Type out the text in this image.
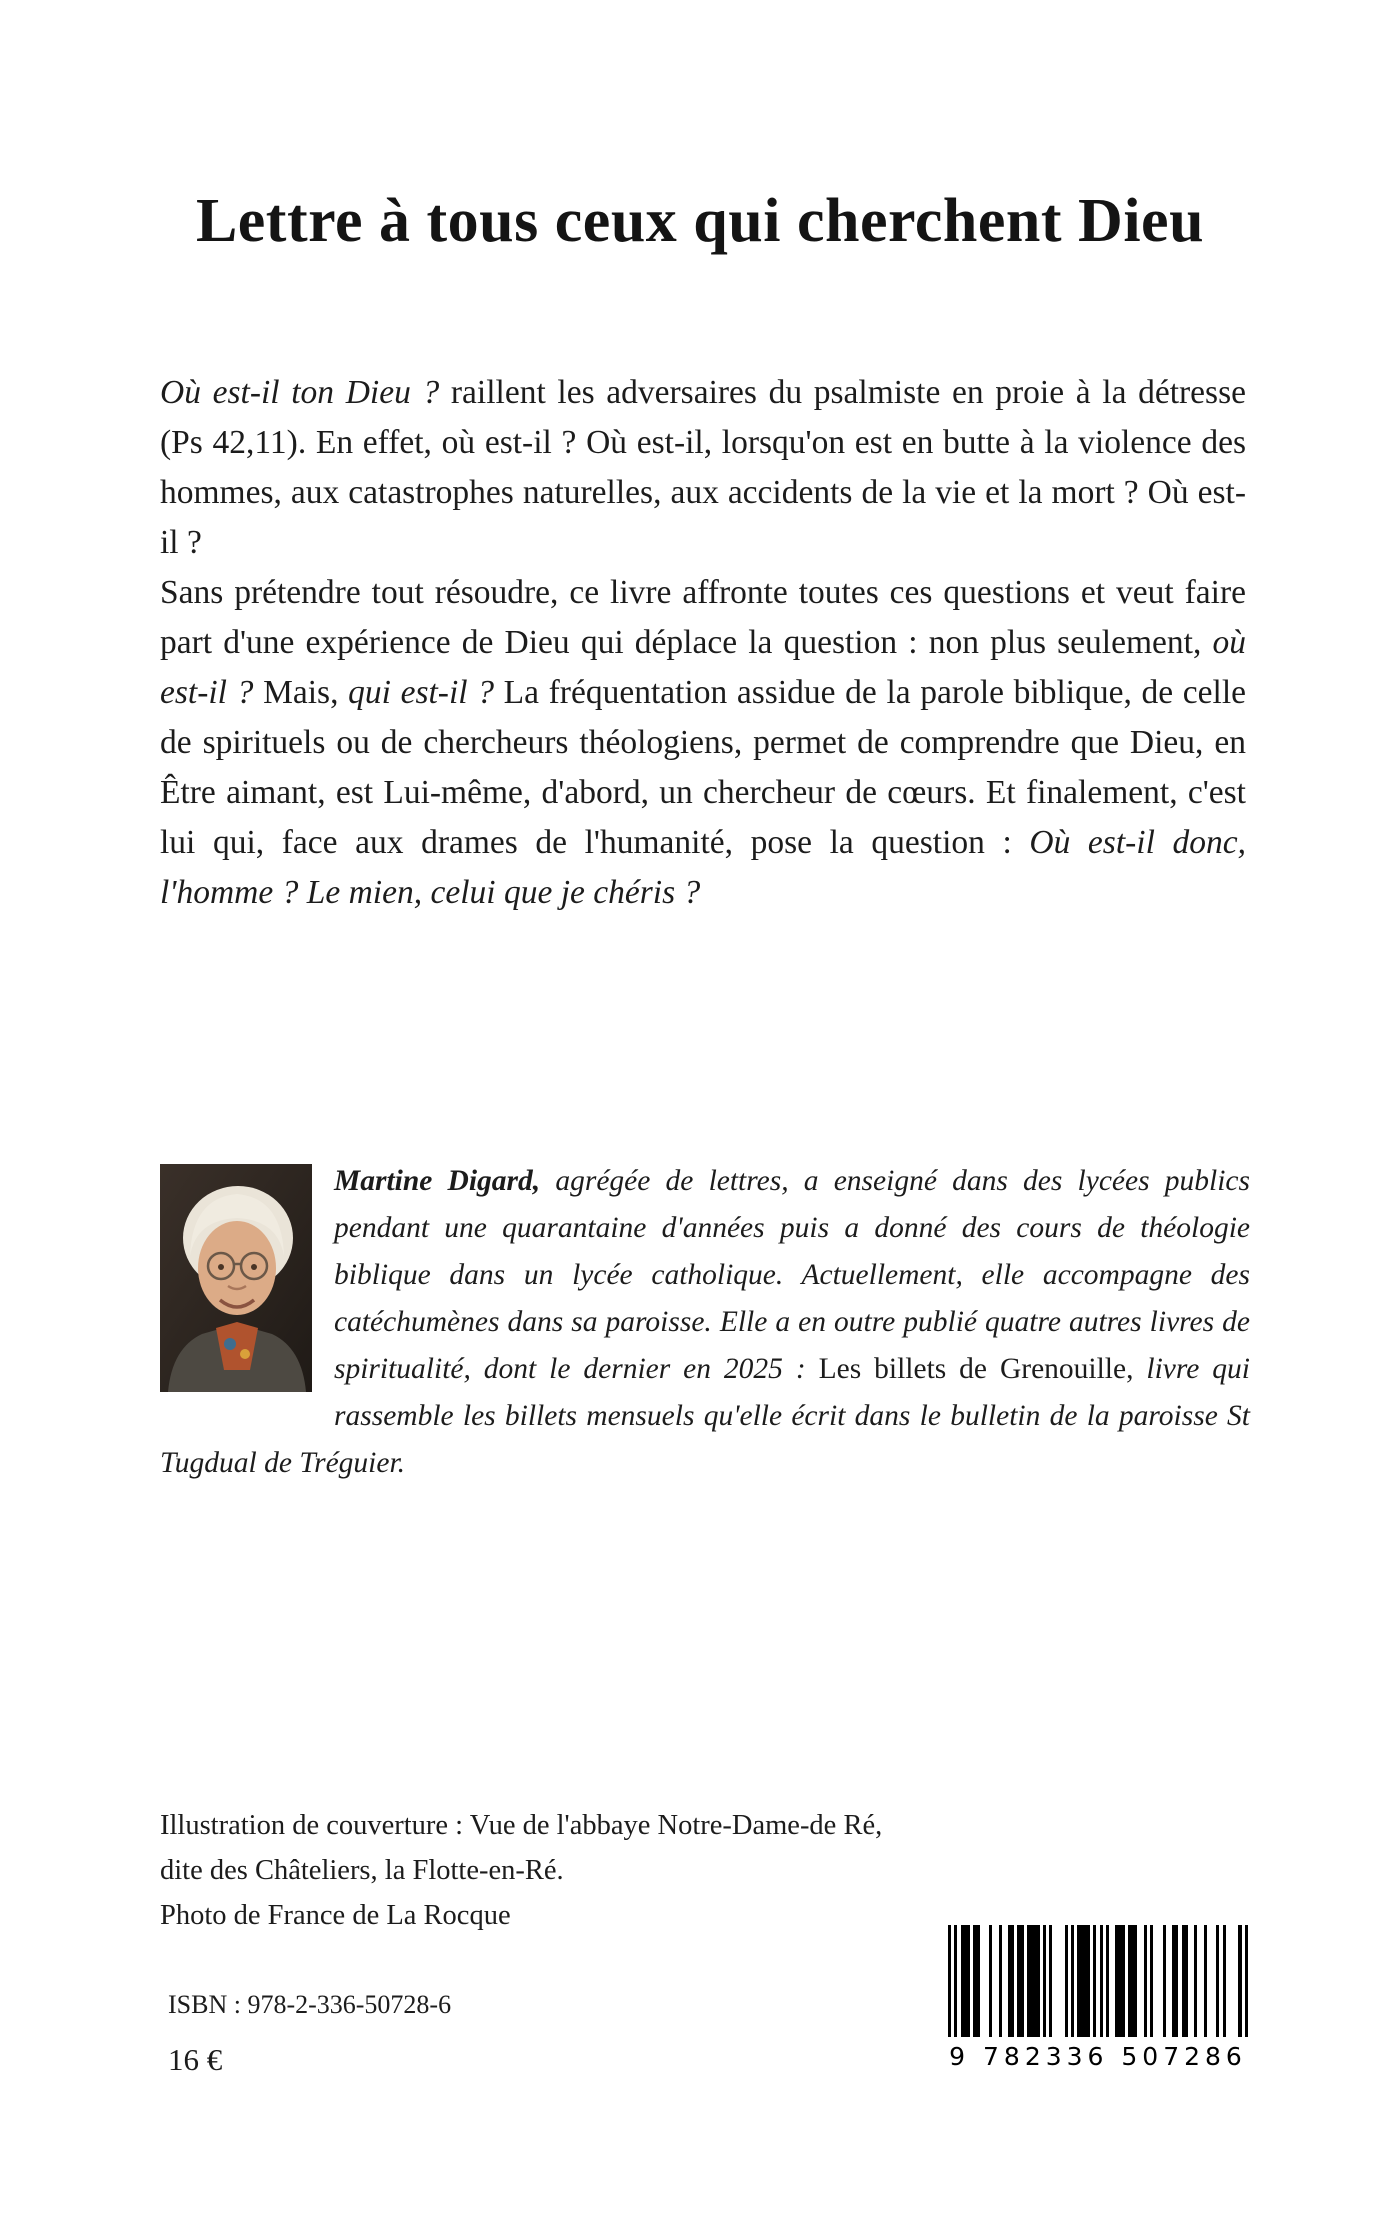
Lettre à tous ceux qui cherchent Dieu

Où est-il ton Dieu ? raillent les adversaires du psalmiste en proie à la détresse (Ps 42,11). En effet, où est-il ? Où est-il, lorsqu'on est en butte à la violence des hommes, aux catastrophes naturelles, aux accidents de la vie et la mort ? Où est-il ?

Sans prétendre tout résoudre, ce livre affronte toutes ces questions et veut faire part d'une expérience de Dieu qui déplace la question : non plus seulement, où est-il ? Mais, qui est-il ? La fréquentation assidue de la parole biblique, de celle de spirituels ou de chercheurs théologiens, permet de comprendre que Dieu, en Être aimant, est Lui-même, d'abord, un chercheur de cœurs. Et finalement, c'est lui qui, face aux drames de l'humanité, pose la question : Où est-il donc, l'homme ? Le mien, celui que je chéris ?

Martine Digard, agrégée de lettres, a enseigné dans des lycées publics pendant une quarantaine d'années puis a donné des cours de théologie biblique dans un lycée catholique. Actuellement, elle accompagne des catéchumènes dans sa paroisse. Elle a en outre publié quatre autres livres de spiritualité, dont le dernier en 2025 : Les billets de Grenouille, livre qui rassemble les billets mensuels qu'elle écrit dans le bulletin de la paroisse St Tugdual de Tréguier.

Illustration de couverture : Vue de l'abbaye Notre-Dame-de Ré,

dite des Châteliers, la Flotte-en-Ré.

Photo de France de La Rocque

ISBN : 978-2-336-50728-6

16 €	9 782336 507286
